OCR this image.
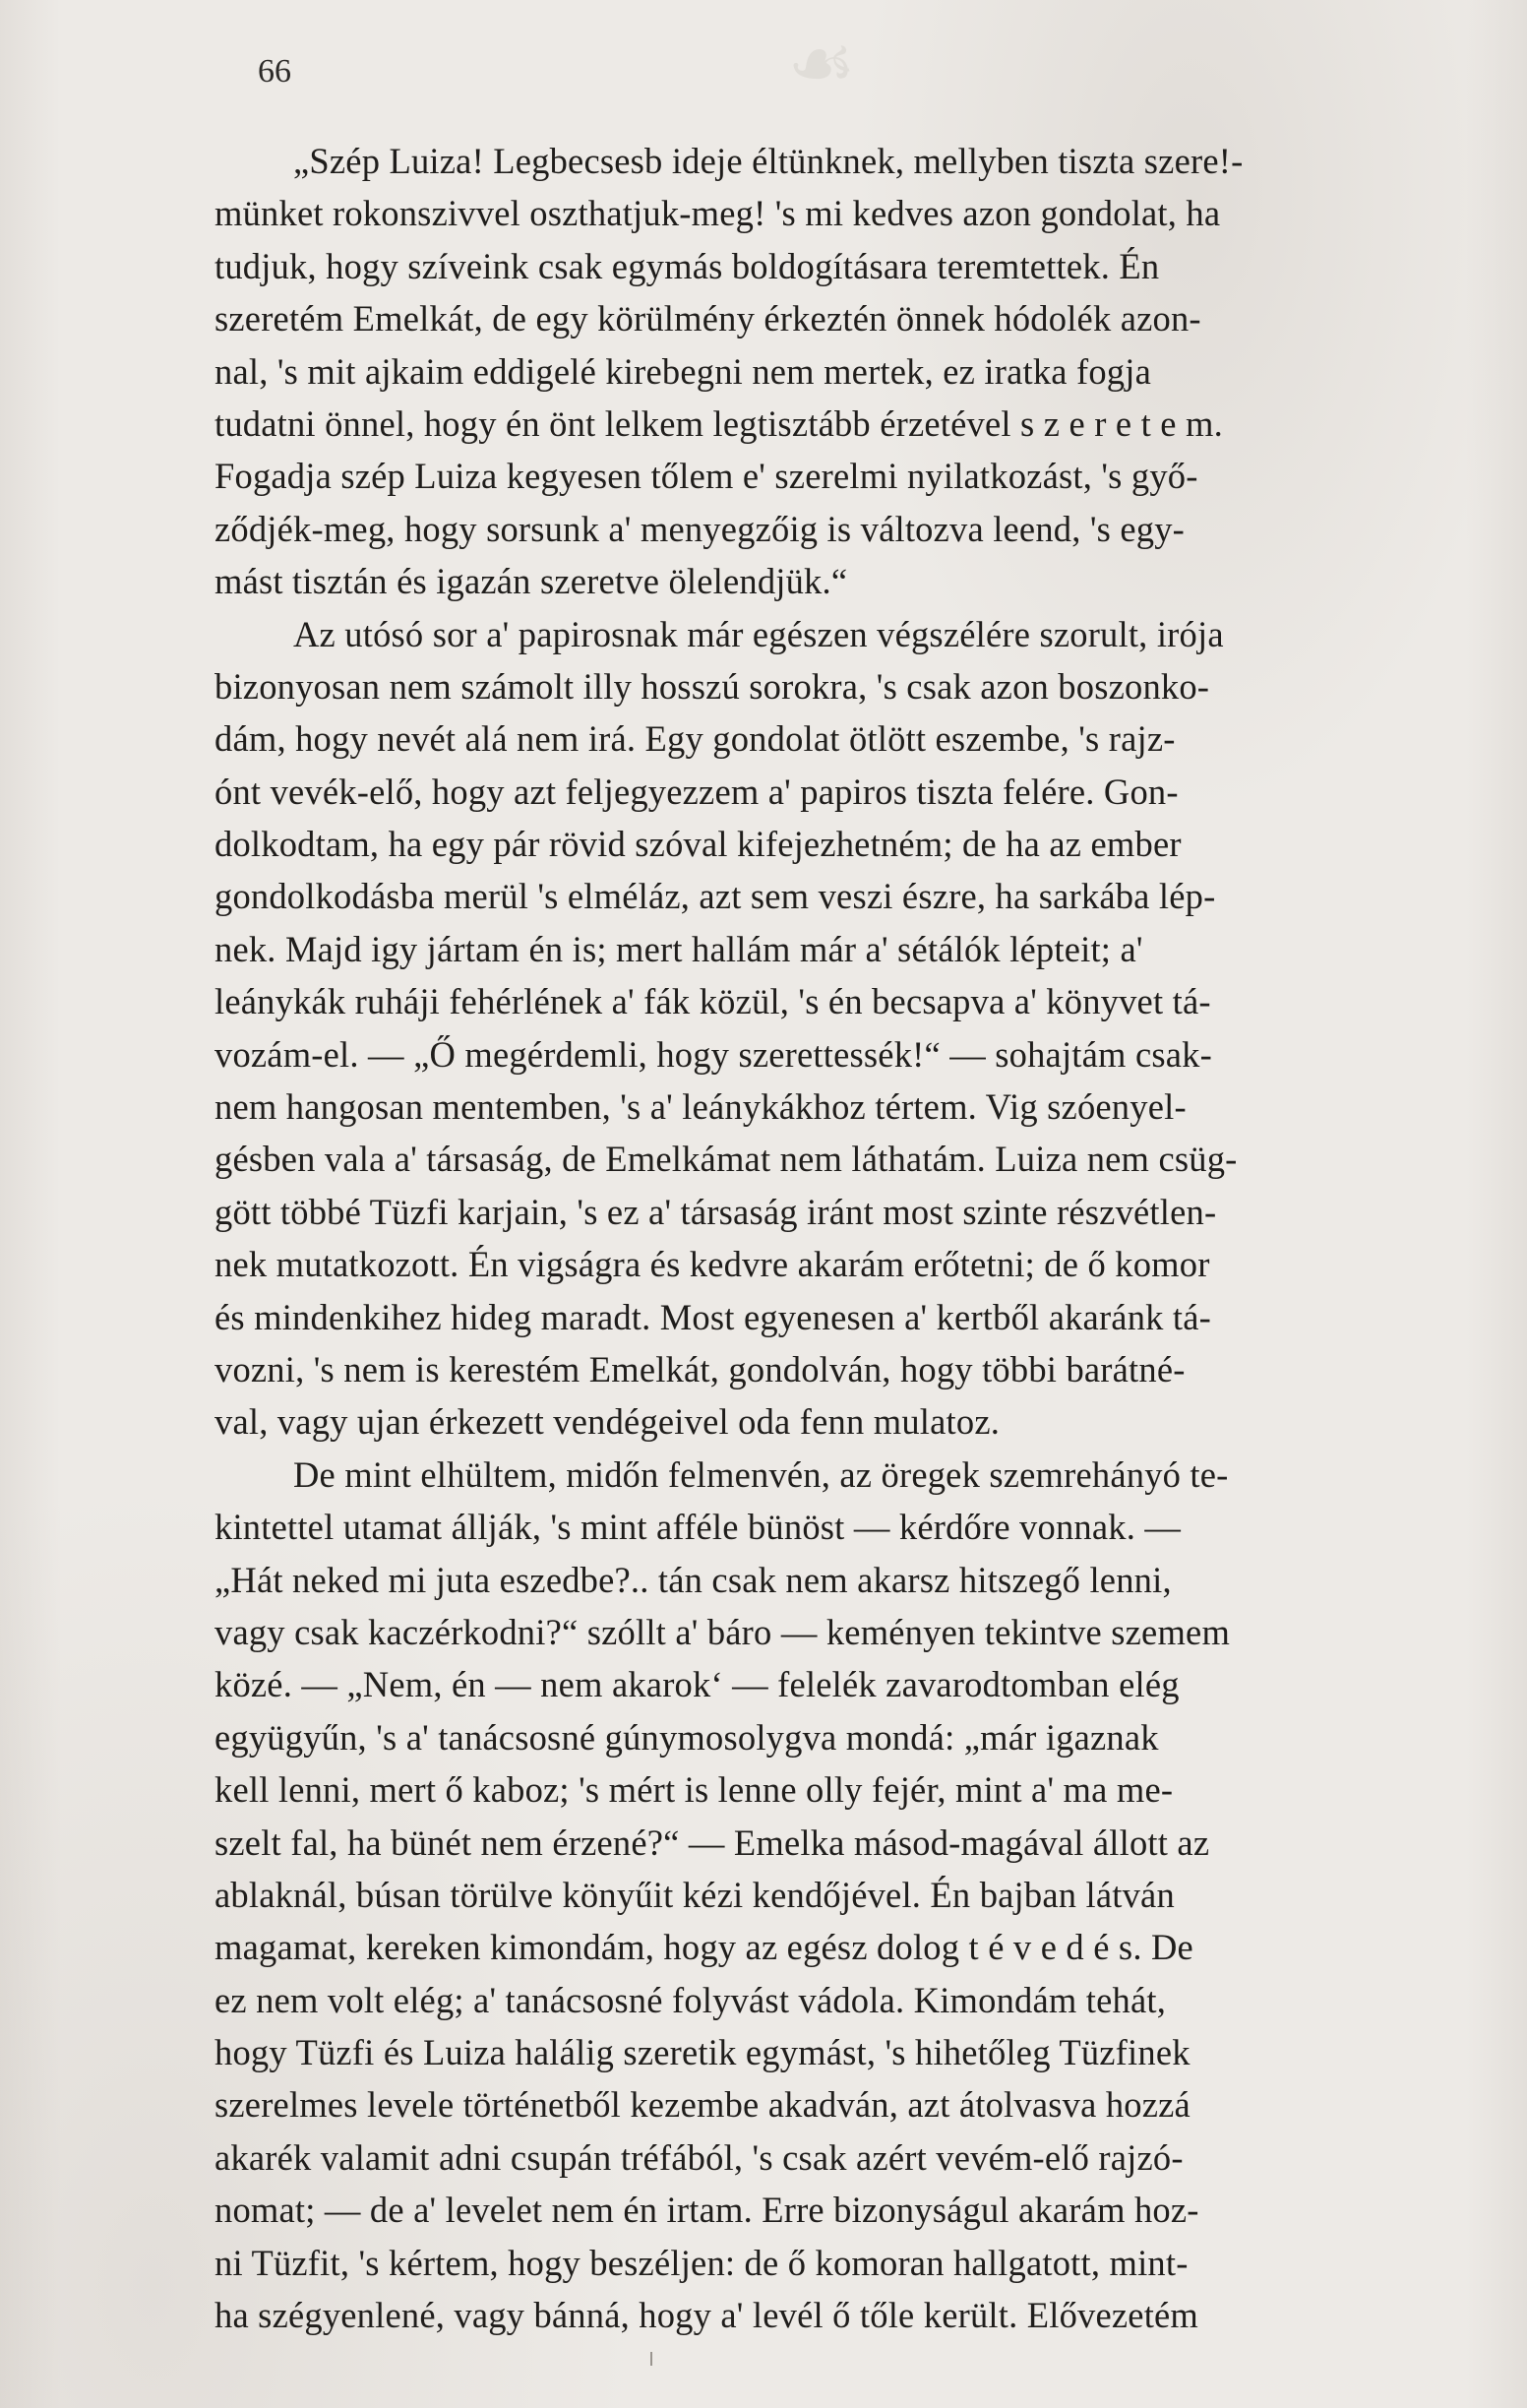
☙
66
„Szép Luiza! Legbecsesb ideje éltünknek, mellyben tiszta szere!-
münket rokonszivvel oszthatjuk-meg! 's mi kedves azon gondolat, ha
tudjuk, hogy szíveink csak egymás boldogításara teremtettek. Én
szeretém Emelkát, de egy körülmény érkeztén önnek hódolék azon-
nal, 's mit ajkaim eddigelé kirebegni nem mertek, ez iratka fogja
tudatni önnel, hogy én önt lelkem legtisztább érzetével s z e r e t e m.
Fogadja szép Luiza kegyesen tőlem e' szerelmi nyilatkozást, 's győ-
ződjék-meg, hogy sorsunk a' menyegzőig is változva leend, 's egy-
mást tisztán és igazán szeretve ölelendjük.“
Az utósó sor a' papirosnak már egészen végszélére szorult, irója
bizonyosan nem számolt illy hosszú sorokra, 's csak azon boszonko-
dám, hogy nevét alá nem irá. Egy gondolat ötlött eszembe, 's rajz-
ónt vevék-elő, hogy azt feljegyezzem a' papiros tiszta felére. Gon-
dolkodtam, ha egy pár rövid szóval kifejezhetném; de ha az ember
gondolkodásba merül 's elméláz, azt sem veszi észre, ha sarkába lép-
nek. Majd igy jártam én is; mert hallám már a' sétálók lépteit; a'
leánykák ruháji fehérlének a' fák közül, 's én becsapva a' könyvet tá-
vozám-el. — „Ő megérdemli, hogy szerettessék!“ — sohajtám csak-
nem hangosan mentemben, 's a' leánykákhoz tértem. Vig szóenyel-
gésben vala a' társaság, de Emelkámat nem láthatám. Luiza nem csüg-
gött többé Tüzfi karjain, 's ez a' társaság iránt most szinte részvétlen-
nek mutatkozott. Én vigságra és kedvre akarám erőtetni; de ő komor
és mindenkihez hideg maradt. Most egyenesen a' kertből akaránk tá-
vozni, 's nem is kerestém Emelkát, gondolván, hogy többi barátné-
val, vagy ujan érkezett vendégeivel oda fenn mulatoz.
De mint elhültem, midőn felmenvén, az öregek szemrehányó te-
kintettel utamat állják, 's mint afféle bünöst — kérdőre vonnak. —
„Hát neked mi juta eszedbe?.. tán csak nem akarsz hitszegő lenni,
vagy csak kaczérkodni?“ szóllt a' báro — keményen tekintve szemem
közé. — „Nem, én — nem akarok‘ — felelék zavarodtomban elég
együgyűn, 's a' tanácsosné gúnymosolygva mondá: „már igaznak
kell lenni, mert ő kaboz; 's mért is lenne olly fejér, mint a' ma me-
szelt fal, ha bünét nem érzené?“ — Emelka másod-magával állott az
ablaknál, búsan törülve könyűit kézi kendőjével. Én bajban látván
magamat, kereken kimondám, hogy az egész dolog t é v e d é s. De
ez nem volt elég; a' tanácsosné folyvást vádola. Kimondám tehát,
hogy Tüzfi és Luiza halálig szeretik egymást, 's hihetőleg Tüzfinek
szerelmes levele történetből kezembe akadván, azt átolvasva hozzá
akarék valamit adni csupán tréfából, 's csak azért vevém-elő rajzó-
nomat; — de a' levelet nem én irtam. Erre bizonyságul akarám hoz-
ni Tüzfit, 's kértem, hogy beszéljen: de ő komoran hallgatott, mint-
ha szégyenlené, vagy bánná, hogy a' levél ő tőle került. Elővezetém
